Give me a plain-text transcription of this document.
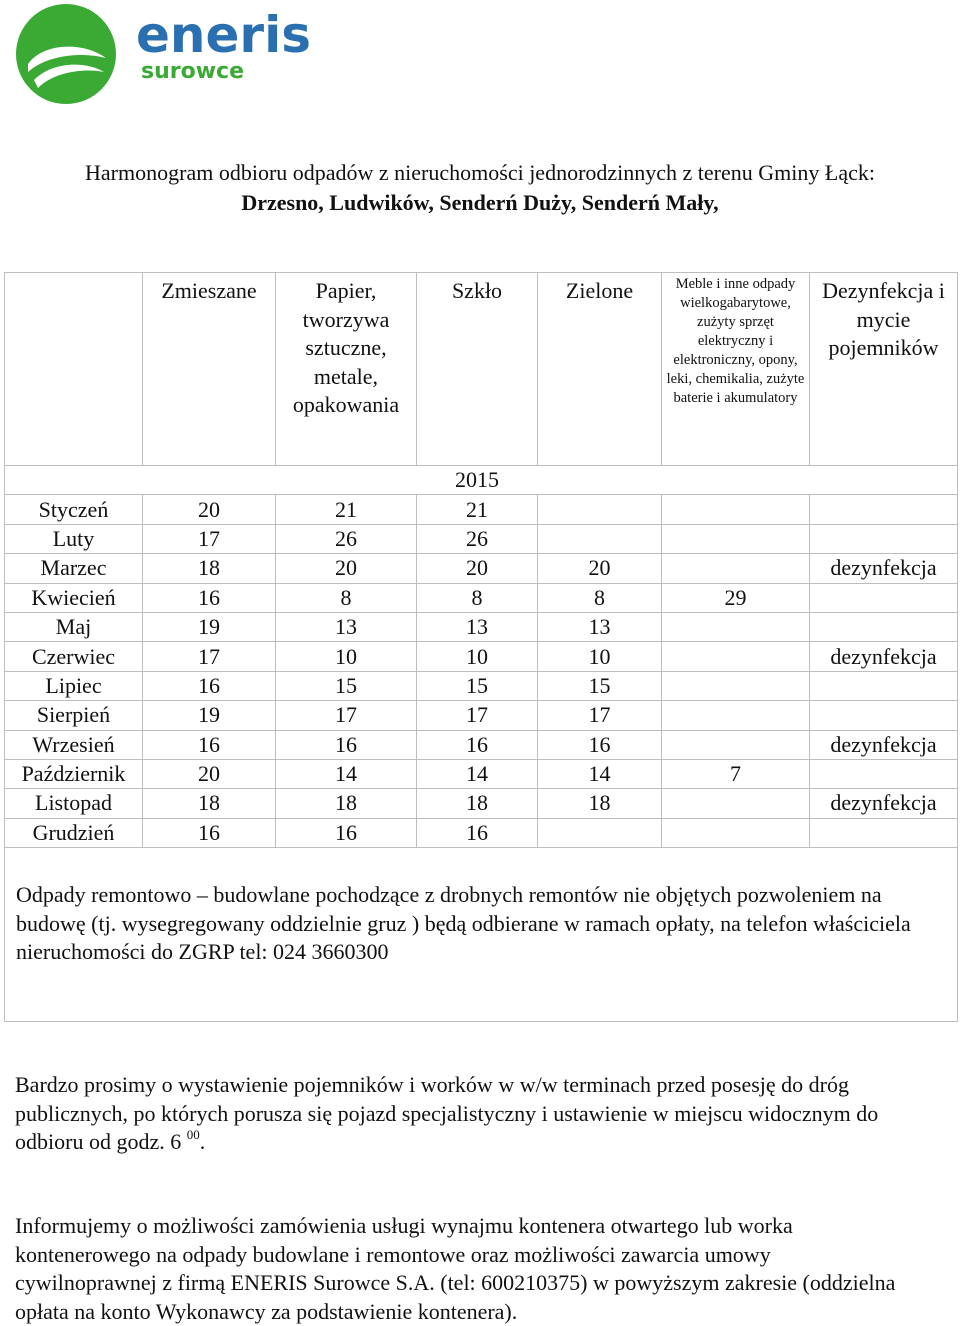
eneris
surowce
Harmonogram odbioru odpadów z nieruchomości jednorodzinnych z terenu Gminy Łąck:
Drzesno, Ludwików, Senderń Duży, Senderń Mały,
	Zmieszane	Papier, tworzywa sztuczne, metale, opakowania	Szkło	Zielone	Meble i inne odpady wielkogabarytowe, zużyty sprzęt elektryczny i elektroniczny, opony, leki, chemikalia, zużyte baterie i akumulatory	Dezynfekcja i mycie pojemników
			2015			
Styczeń	20	21	21			
Luty	17	26	26			
Marzec	18	20	20	20		dezynfekcja
Kwiecień	16	8	8	8	29	
Maj	19	13	13	13		
Czerwiec	17	10	10	10		dezynfekcja
Lipiec	16	15	15	15		
Sierpień	19	17	17	17		
Wrzesień	16	16	16	16		dezynfekcja
Październik	20	14	14	14	7	
Listopad	18	18	18	18		dezynfekcja
Grudzień	16	16	16			
Odpady remontowo – budowlane pochodzące z drobnych remontów nie objętych pozwoleniem na budowę (tj. wysegregowany oddzielnie gruz ) będą odbierane w ramach opłaty, na telefon właściciela nieruchomości do ZGRP tel: 024 3660300						
Bardzo prosimy o wystawienie pojemników i worków w w/w terminach przed posesję do dróg publicznych, po których porusza się pojazd specjalistyczny i ustawienie w miejscu widocznym do odbioru od godz. 6 $^{00}$.
Informujemy o możliwości zamówienia usługi wynajmu kontenera otwartego lub worka kontenerowego na odpady budowlane i remontowe oraz możliwości zawarcia umowy cywilnoprawnej z firmą ENERIS Surowce S.A. (tel: 600210375) w powyższym zakresie (oddzielna opłata na konto Wykonawcy za podstawienie kontenera).
